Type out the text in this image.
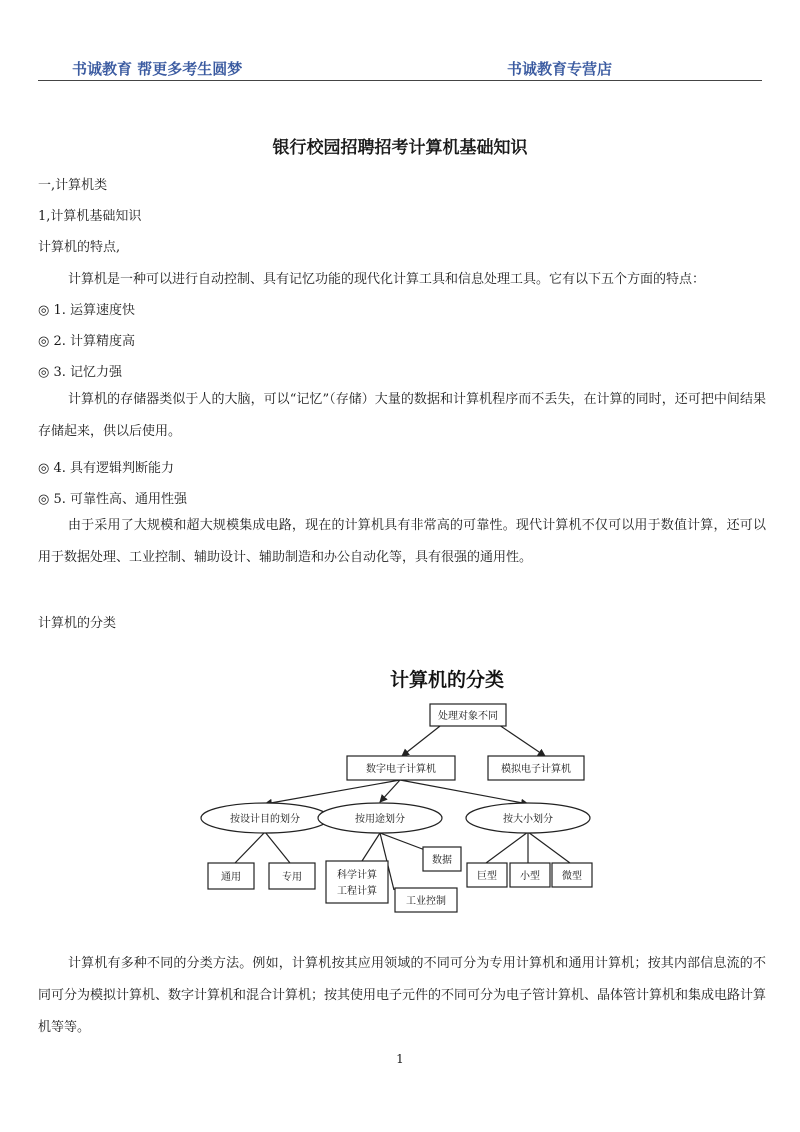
书诚教育 帮更多考生圆梦	书诚教育专营店
银行校园招聘招考计算机基础知识
一,计算机类
1,计算机基础知识
计算机的特点,
计算机是一种可以进行自动控制、具有记忆功能的现代化计算工具和信息处理工具。它有以下五个方面的特点：
◎ 1. 运算速度快
◎ 2. 计算精度高
◎ 3. 记忆力强

计算机的存储器类似于人的大脑，可以“记忆”（存储）大量的数据和计算机程序而不丢失，在计算的同时，还可把中间结果存储起来，供以后使用。

◎ 4. 具有逻辑判断能力
◎ 5. 可靠性高、通用性强

由于采用了大规模和超大规模集成电路，现在的计算机具有非常高的可靠性。现代计算机不仅可以用于数值计算，还可以用于数据处理、工业控制、辅助设计、辅助制造和办公自动化等，具有很强的通用性。

计算机的分类
计算机的分类
处理对象不同
数字电子计算机	模拟电子计算机
按设计目的划分	按用途划分	按大小划分
通用	专用	科学计算
工程计算
数据
工业控制
巨型 小型 微型

计算机有多种不同的分类方法。例如，计算机按其应用领域的不同可分为专用计算机和通用计算机；按其内部信息流的不同可分为模拟计算机、数字计算机和混合计算机；按其使用电子元件的不同可分为电子管计算机、晶体管计算机和集成电路计算机等等。

1
